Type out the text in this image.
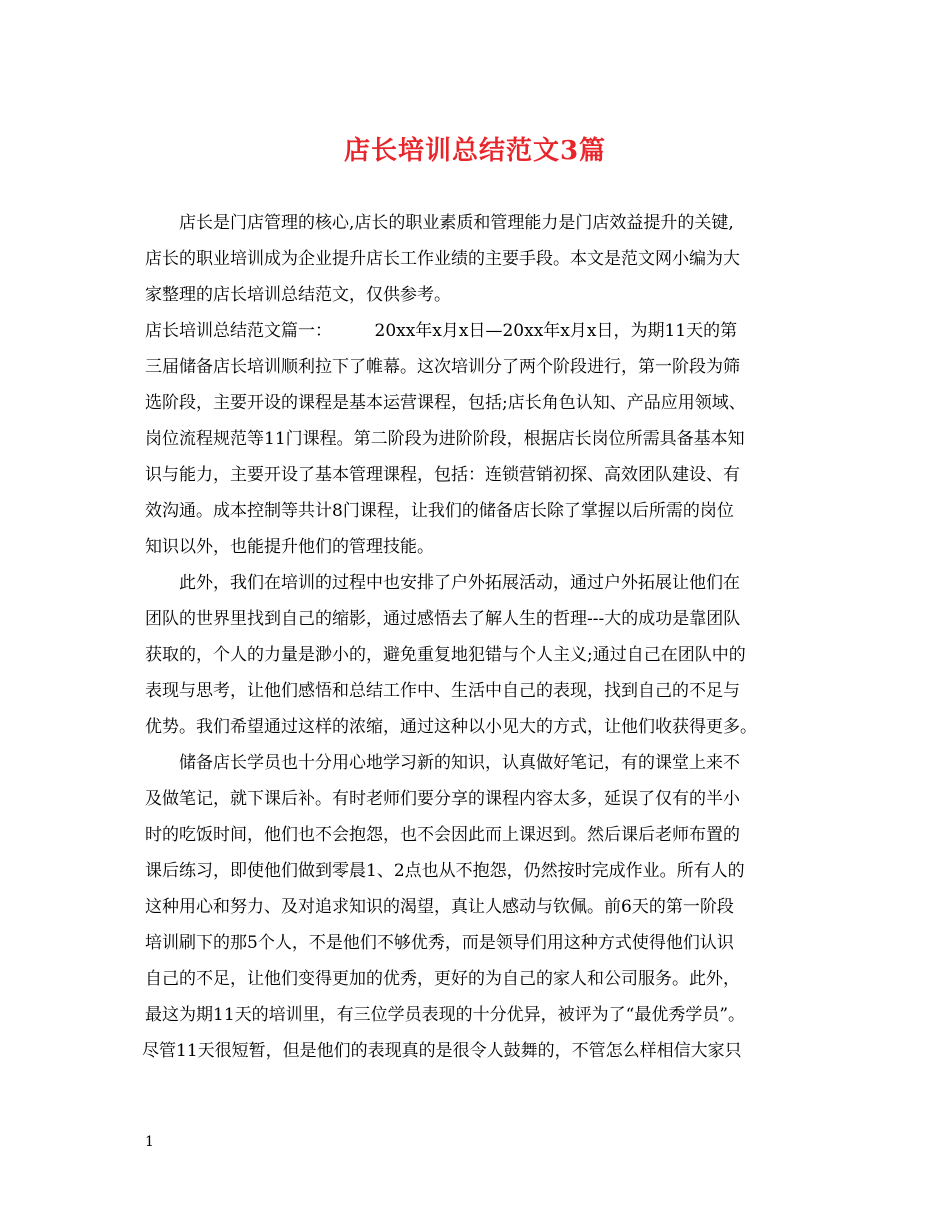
店长培训总结范文3篇
店长是门店管理的核心,店长的职业素质和管理能力是门店效益提升的关键,
店长的职业培训成为企业提升店长工作业绩的主要手段。本文是范文网小编为大
家整理的店长培训总结范文，仅供参考。
店长培训总结范文篇一：　　　20xx年x月x日—20xx年x月x日，为期11天的第
三届储备店长培训顺利拉下了帷幕。这次培训分了两个阶段进行，第一阶段为筛
选阶段，主要开设的课程是基本运营课程，包括;店长角色认知、产品应用领域、
岗位流程规范等11门课程。第二阶段为进阶阶段，根据店长岗位所需具备基本知
识与能力，主要开设了基本管理课程，包括：连锁营销初探、高效团队建设、有
效沟通。成本控制等共计8门课程，让我们的储备店长除了掌握以后所需的岗位
知识以外，也能提升他们的管理技能。
此外，我们在培训的过程中也安排了户外拓展活动，通过户外拓展让他们在
团队的世界里找到自己的缩影，通过感悟去了解人生的哲理---大的成功是靠团队
获取的，个人的力量是渺小的，避免重复地犯错与个人主义;通过自己在团队中的
表现与思考，让他们感悟和总结工作中、生活中自己的表现，找到自己的不足与
优势。我们希望通过这样的浓缩，通过这种以小见大的方式，让他们收获得更多。
储备店长学员也十分用心地学习新的知识，认真做好笔记，有的课堂上来不
及做笔记，就下课后补。有时老师们要分享的课程内容太多，延误了仅有的半小
时的吃饭时间，他们也不会抱怨，也不会因此而上课迟到。然后课后老师布置的
课后练习，即使他们做到零晨1、2点也从不抱怨，仍然按时完成作业。所有人的
这种用心和努力、及对追求知识的渴望，真让人感动与钦佩。前6天的第一阶段
培训刷下的那5个人，不是他们不够优秀，而是领导们用这种方式使得他们认识
自己的不足，让他们变得更加的优秀，更好的为自己的家人和公司服务。此外，
最这为期11天的培训里，有三位学员表现的十分优异，被评为了“最优秀学员”。
尽管11天很短暂，但是他们的表现真的是很令人鼓舞的，不管怎么样相信大家只
1
